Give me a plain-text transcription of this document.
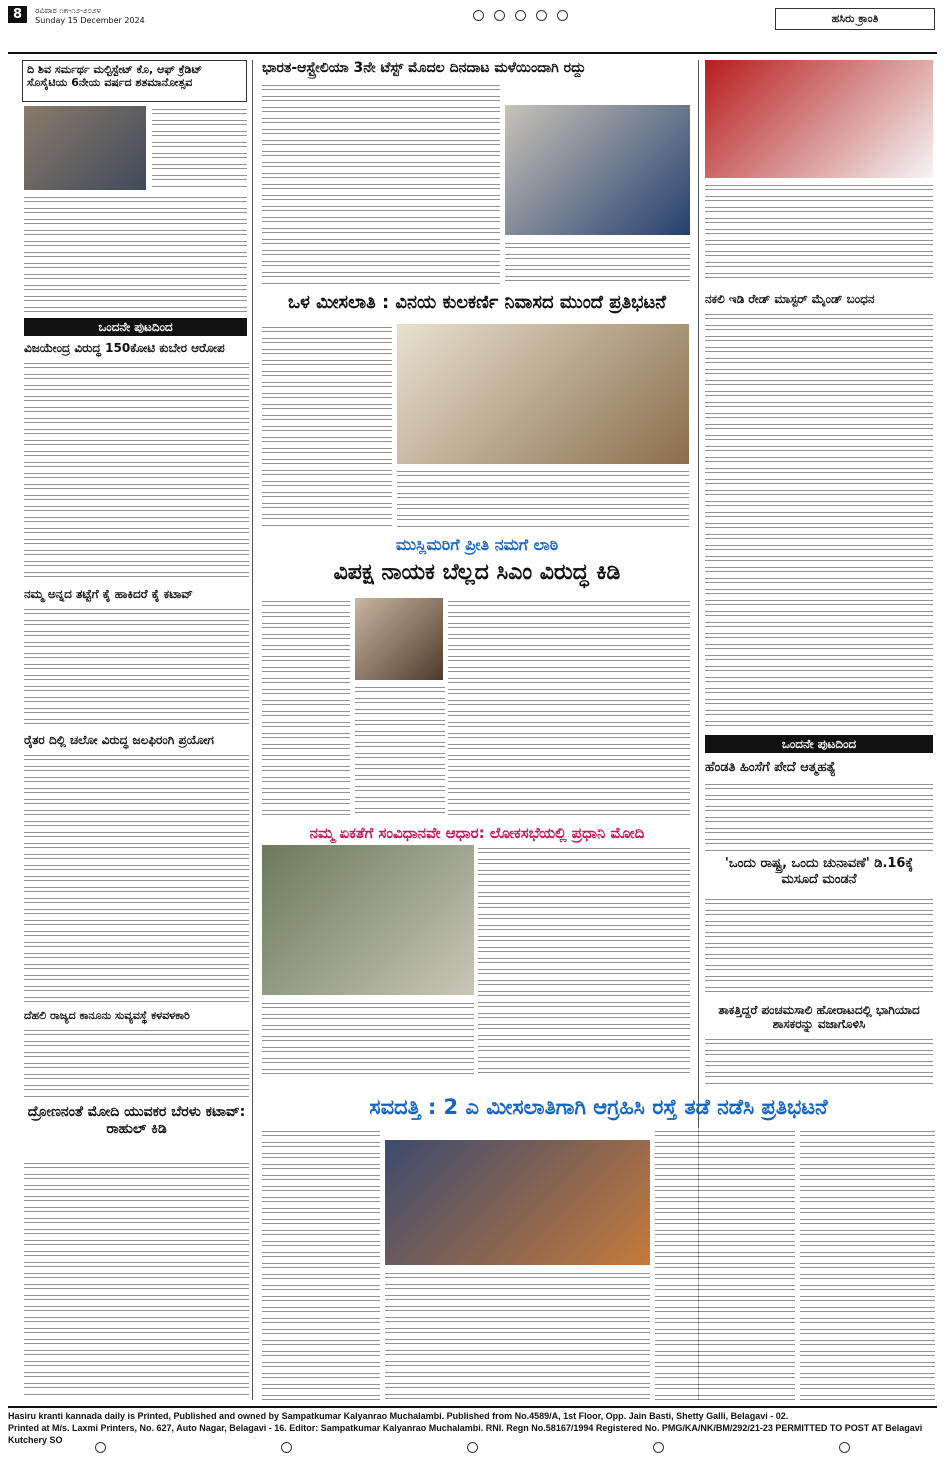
8 ರವಿವಾರ ೧೫-೧೨-೨೦೨೪
Sunday 15 December 2024	ಹಸಿರು ಕ್ರಾಂತಿ
ದಿ ಶಿವ ಸರ್ಮರ್ಥ ಮಲ್ಟಿಸ್ಟೇಟ್ ಕೊ, ಆಫ್ ಕ್ರೆಡಿಟ್ ಸೊಸೈಟಿಯ 6ನೇಯ ವರ್ಷದ ಶತಮಾನೋತ್ಸವ
ಒಂದನೇ ಪುಟದಿಂದ
ವಿಜಯೇಂದ್ರ ವಿರುದ್ಧ 150ಕೋಟಿ ಕುಬೇರ ಆರೋಪ
ನಮ್ಮ ಅನ್ನದ ತಟ್ಟೆಗೆ ಕೈ ಹಾಕಿದರೆ ಕೈ ಕಟಾವ್
ರೈತರ ದಿಲ್ಲಿ ಚಲೋ ವಿರುದ್ಧ ಜಲಫಿರಂಗಿ ಪ್ರಯೋಗ
ದೆಹಲಿ ರಾಜ್ಯದ ಕಾನೂನು ಸುವ್ಯವಸ್ಥೆ ಕಳವಳಕಾರಿ
ದ್ರೋಣನಂತೆ ಮೋದಿ ಯುವಕರ ಬೆರಳು ಕಟಾವ್: ರಾಹುಲ್ ಕಿಡಿ
ಭಾರತ-ಆಸ್ಟ್ರೇಲಿಯಾ 3ನೇ ಟೆಸ್ಟ್ ಮೊದಲ ದಿನದಾಟ ಮಳೆಯಿಂದಾಗಿ ರದ್ದು
ಒಳ ಮೀಸಲಾತಿ : ವಿನಯ ಕುಲಕರ್ಣಿ ನಿವಾಸದ ಮುಂದೆ ಪ್ರತಿಭಟನೆ
ಮುಸ್ಲಿಮರಿಗೆ ಪ್ರೀತಿ ನಮಗೆ ಲಾಠಿ
ವಿಪಕ್ಷ ನಾಯಕ ಬೆಲ್ಲದ ಸಿಎಂ ವಿರುದ್ಧ ಕಿಡಿ
ನಮ್ಮ ಏಕತೆಗೆ ಸಂವಿಧಾನವೇ ಆಧಾರ: ಲೋಕಸಭೆಯಲ್ಲಿ ಪ್ರಧಾನಿ ಮೋದಿ
ನಕಲಿ ಇಡಿ ರೇಡ್ ಮಾಸ್ಟರ್ ಮೈಂಡ್ ಬಂಧನ
ಒಂದನೇ ಪುಟದಿಂದ
ಹೆಂಡತಿ ಹಿಂಸೆಗೆ ಪೇದೆ ಆತ್ಮಹತ್ಯೆ
'ಒಂದು ರಾಷ್ಟ್ರ, ಒಂದು ಚುನಾವಣೆ' ಡಿ.16ಕ್ಕೆ ಮಸೂದೆ ಮಂಡನೆ
ತಾಕತ್ತಿದ್ದರೆ ಪಂಚಮಸಾಲಿ ಹೋರಾಟದಲ್ಲಿ ಭಾಗಿಯಾದ ಶಾಸಕರನ್ನು ವಜಾಗೊಳಿಸಿ
ಸವದತ್ತಿ : 2 ಎ ಮೀಸಲಾತಿಗಾಗಿ ಆಗ್ರಹಿಸಿ ರಸ್ತೆ ತಡೆ ನಡೆಸಿ ಪ್ರತಿಭಟನೆ
Hasiru kranti kannada daily is Printed, Published and owned by Sampatkumar Kalyanrao Muchalambi. Published from No.4589/A, 1st Floor, Opp. Jain Basti, Shetty Galli, Belagavi - 02.
Printed at M/s. Laxmi Printers, No. 627, Auto Nagar, Belagavi - 16. Editor: Sampatkumar Kalyanrao Muchalambi. RNI. Regn No.58167/1994 Registered No. PMG/KA/NK/BM/292/21-23 PERMITTED TO POST AT Belagavi Kutchery SO
